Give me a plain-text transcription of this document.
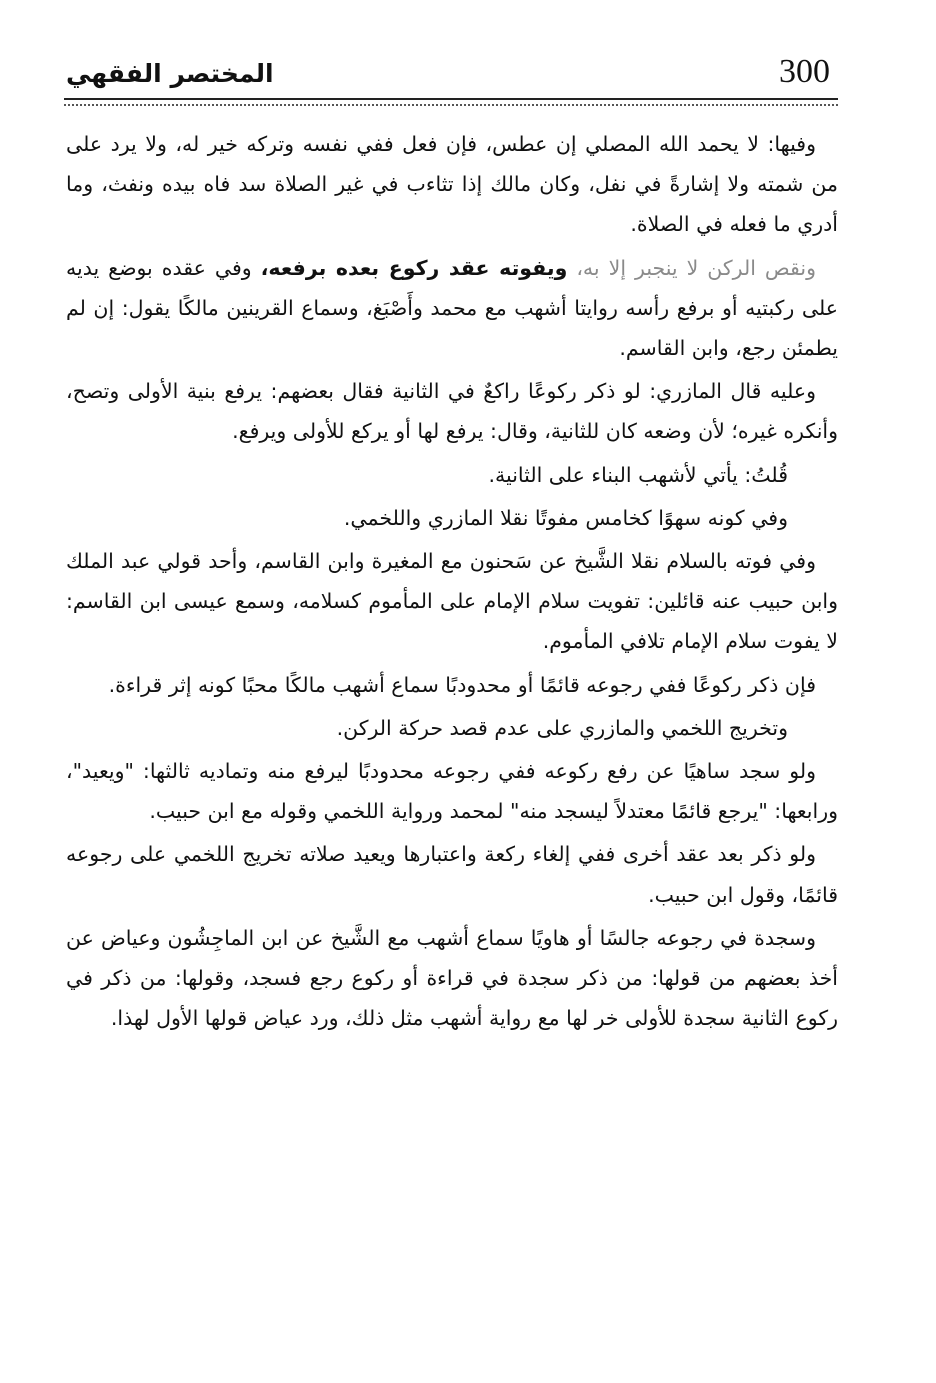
300
المختصر الفقهي

وفيها: لا يحمد الله المصلي إن عطس، فإن فعل ففي نفسه وتركه خير له، ولا يرد على من شمته ولا إشارةً في نفل، وكان مالك إذا تثاءب في غير الصلاة سد فاه بيده ونفث، وما أدري ما فعله في الصلاة.

ونقص الركن لا ينجبر إلا به، ويفوته عقد ركوع بعده برفعه، وفي عقده بوضع يديه على ركبتيه أو برفع رأسه روايتا أشهب مع محمد وأَصْبَغ، وسماع القرينين مالكًا يقول: إن لم يطمئن رجع، وابن القاسم.

وعليه قال المازري: لو ذكر ركوعًا راكعٌ في الثانية فقال بعضهم: يرفع بنية الأولى وتصح، وأنكره غيره؛ لأن وضعه كان للثانية، وقال: يرفع لها أو يركع للأولى ويرفع.

قُلتُ: يأتي لأشهب البناء على الثانية.

وفي كونه سهوًا كخامس مفوتًا نقلا المازري واللخمي.

وفي فوته بالسلام نقلا الشَّيخ عن سَحنون مع المغيرة وابن القاسم، وأحد قولي عبد الملك وابن حبيب عنه قائلين: تفويت سلام الإمام على المأموم كسلامه، وسمع عيسى ابن القاسم: لا يفوت سلام الإمام تلافي المأموم.

فإن ذكر ركوعًا ففي رجوعه قائمًا أو محدودبًا سماع أشهب مالكًا محبًا كونه إثر قراءة.

وتخريج اللخمي والمازري على عدم قصد حركة الركن.

ولو سجد ساهيًا عن رفع ركوعه ففي رجوعه محدودبًا ليرفع منه وتماديه ثالثها: "ويعيد"، ورابعها: "يرجع قائمًا معتدلاً ليسجد منه" لمحمد ورواية اللخمي وقوله مع ابن حبيب.

ولو ذكر بعد عقد أخرى ففي إلغاء ركعة واعتبارها ويعيد صلاته تخريج اللخمي على رجوعه قائمًا، وقول ابن حبيب.

وسجدة في رجوعه جالسًا أو هاويًا سماع أشهب مع الشَّيخ عن ابن الماجِشُون وعياض عن أخذ بعضهم من قولها: من ذكر سجدة في قراءة أو ركوع رجع فسجد، وقولها: من ذكر في ركوع الثانية سجدة للأولى خر لها مع رواية أشهب مثل ذلك، ورد عياض قولها الأول لهذا.
